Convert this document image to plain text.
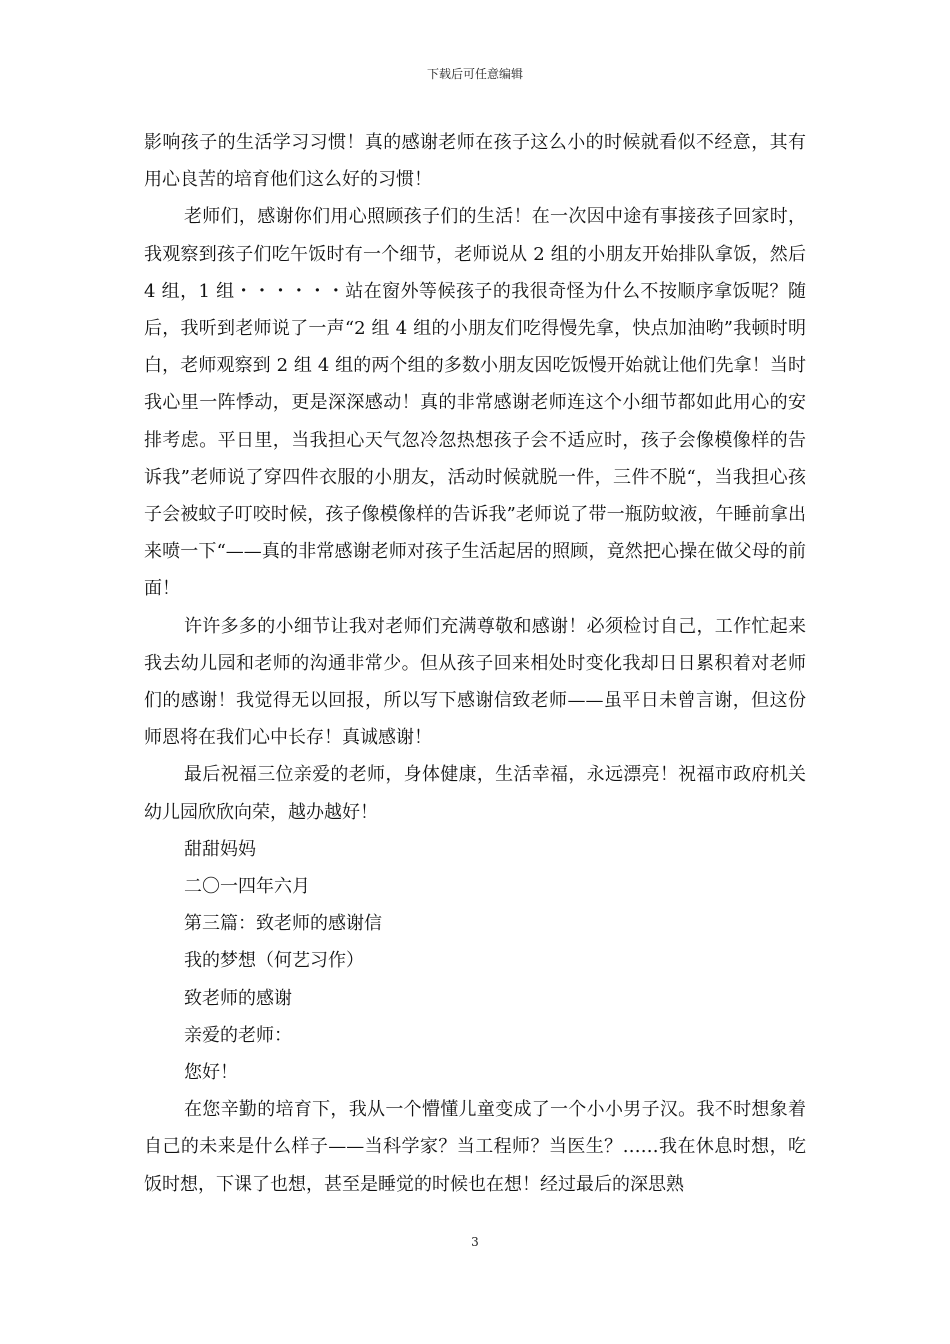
下载后可任意编辑

影响孩子的生活学习习惯！真的感谢老师在孩子这么小的时候就看似不经意，其有用心良苦的培育他们这么好的习惯！

老师们，感谢你们用心照顾孩子们的生活！在一次因中途有事接孩子回家时，我观察到孩子们吃午饭时有一个细节，老师说从 2 组的小朋友开始排队拿饭，然后 4 组，1 组・・・・・・站在窗外等候孩子的我很奇怪为什么不按顺序拿饭呢？随后，我听到老师说了一声“2 组 4 组的小朋友们吃得慢先拿，快点加油哟”我顿时明白，老师观察到 2 组 4 组的两个组的多数小朋友因吃饭慢开始就让他们先拿！当时我心里一阵悸动，更是深深感动！真的非常感谢老师连这个小细节都如此用心的安排考虑。平日里，当我担心天气忽冷忽热想孩子会不适应时，孩子会像模像样的告诉我”老师说了穿四件衣服的小朋友，活动时候就脱一件，三件不脱“，当我担心孩子会被蚊子叮咬时候，孩子像模像样的告诉我”老师说了带一瓶防蚊液，午睡前拿出来喷一下“——真的非常感谢老师对孩子生活起居的照顾，竟然把心操在做父母的前面！

许许多多的小细节让我对老师们充满尊敬和感谢！必须检讨自己，工作忙起来我去幼儿园和老师的沟通非常少。但从孩子回来相处时变化我却日日累积着对老师们的感谢！我觉得无以回报，所以写下感谢信致老师——虽平日未曾言谢，但这份师恩将在我们心中长存！真诚感谢！

最后祝福三位亲爱的老师，身体健康，生活幸福，永远漂亮！祝福市政府机关幼儿园欣欣向荣，越办越好！

甜甜妈妈

二〇一四年六月

第三篇：致老师的感谢信

我的梦想（何艺习作）

致老师的感谢

亲爱的老师：

您好！

在您辛勤的培育下，我从一个懵懂儿童变成了一个小小男子汉。我不时想象着自己的未来是什么样子——当科学家？当工程师？当医生？……我在休息时想，吃饭时想，下课了也想，甚至是睡觉的时候也在想！经过最后的深思熟

3
